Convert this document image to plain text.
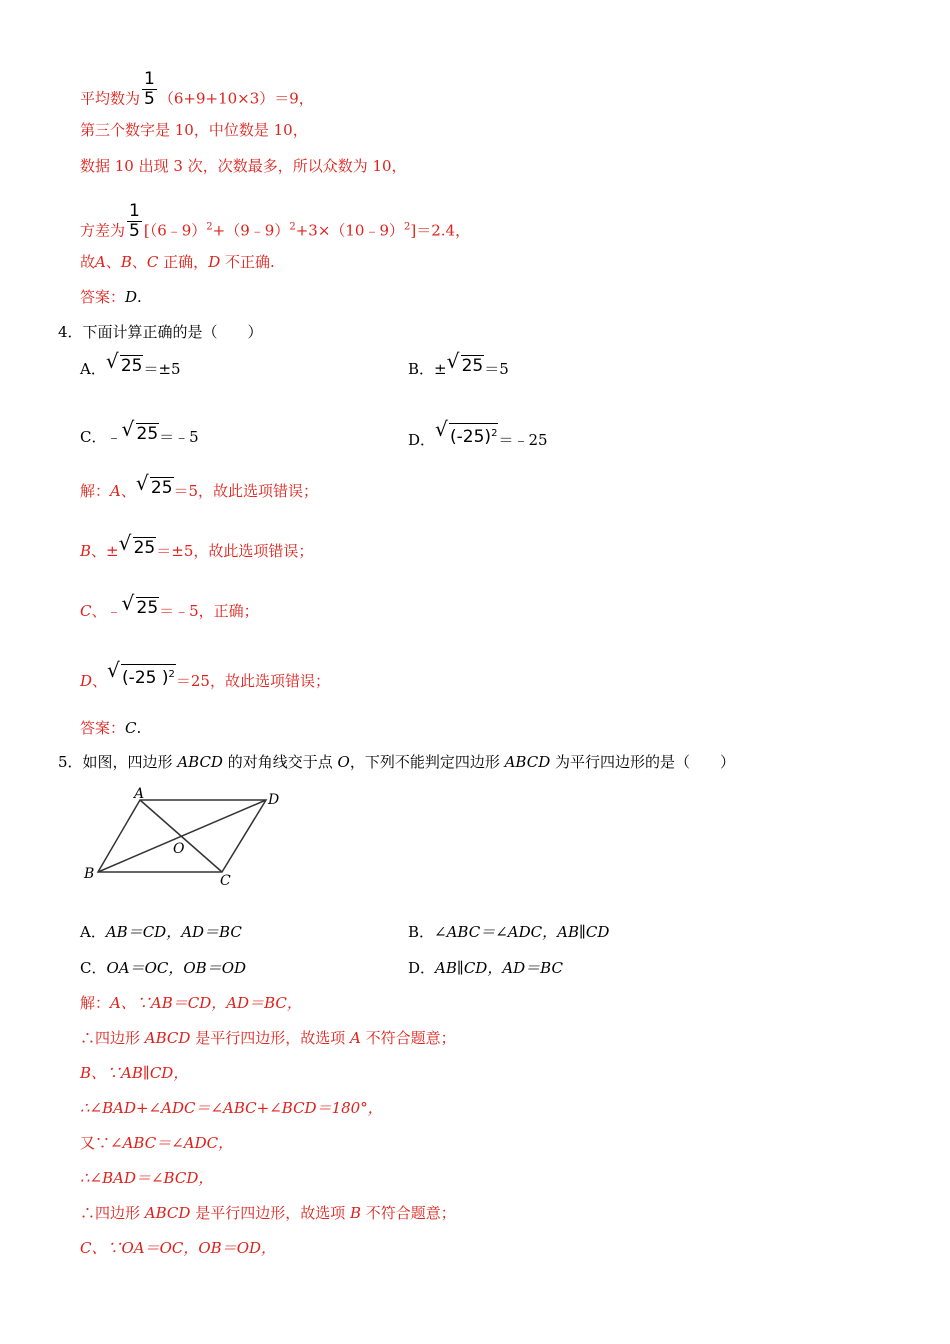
平均数为 $\frac{1}{5} (6+9+10\times 3)=9$，
第三个数字是 10，中位数是 10，
数据 10 出现 3 次，次数最多，所以众数为 10，
方差为 $\frac{1}{5}$ [（6﹣9）$^2$+（9﹣9）$^2$+3×（10﹣9）$^2$]＝2.4，
故A、B、C 正确，D 不正确.
答案：D.
4．下面计算正确的是（　　）
A． √ 25＝±5	B．± √ 25＝5
C．﹣ √ 25＝﹣5	D． √ $(-25)^2=﹣25$
解：A、 √ 25＝5，故此选项错误；
B、± √ 25＝±5，故此选项错误；
C、﹣ √ 25＝﹣5，正确；
D、 √ (-25 )$^2$＝25，故此选项错误；
答案：C.
5．如图，四边形 ABCD 的对角线交于点 O，下列不能判定四边形 ABCD 为平行四边形的是（　　）
A	D
B	C
O
A．AB＝CD，AD＝BC	B．∠ABC＝∠ADC，AB∥CD
C．OA＝OC，OB＝OD	D．AB∥CD，AD＝BC
解：A、∵AB＝CD，AD＝BC，
∴四边形 ABCD 是平行四边形，故选项 A 不符合题意；
B、∵AB∥CD，
∴∠BAD+∠ADC＝∠ABC+∠BCD＝180°，
又∵∠ABC＝∠ADC，
∴∠BAD＝∠BCD，
∴四边形 ABCD 是平行四边形，故选项 B 不符合题意；
C、∵OA＝OC，OB＝OD，
